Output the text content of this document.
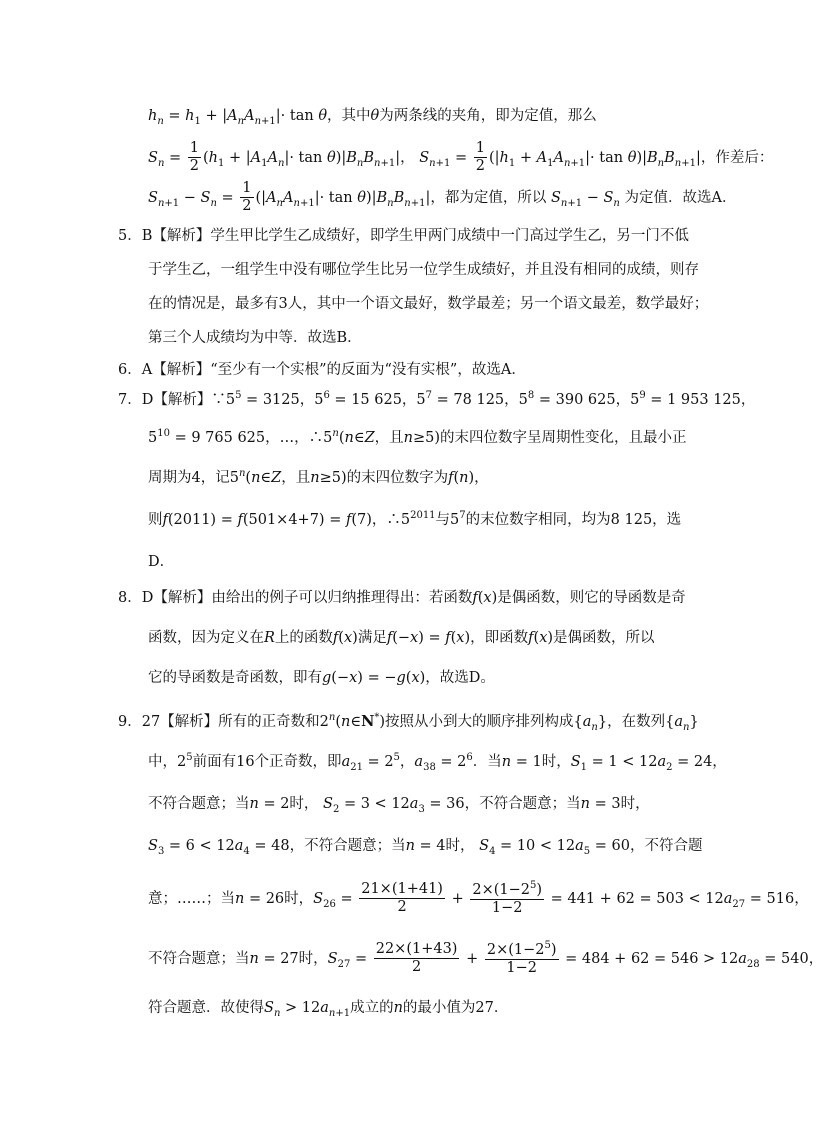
$h_n = h_1 + |A_nA_{n+1}|\cdot \tan \theta$，其中θ为两条线的夹角，即为定值，那么
$S_n = \frac{1}{2} (h_1 + |A_1A_n|\cdot \tan \theta)|B_nB_{n+1}|$， $S_{n+1} = \frac{1}{2} (|h_1 + A_1A_{n+1}|\cdot \tan \theta)|B_nB_{n+1}|$，作差后：
$S_{n+1} - S_n = \frac{1}{2} (|A_nA_{n+1}|\cdot \tan \theta)|B_nB_{n+1}|$，都为定值，所以 $S_{n+1} - S_n$ 为定值．故选A．
5．B【解析】学生甲比学生乙成绩好，即学生甲两门成绩中一门高过学生乙，另一门不低
于学生乙，一组学生中没有哪位学生比另一位学生成绩好，并且没有相同的成绩，则存
在的情况是，最多有3人，其中一个语文最好，数学最差；另一个语文最差，数学最好；
第三个人成绩均为中等．故选B．
6．A【解析】“至少有一个实根”的反面为“没有实根”，故选A．
7．D【解析】$\because 5^5 = 3125$，$5^6 = 15$ 625，$5^7 = 78$ 125，$5^8 = 390$ 625，$5^9 = 1$ 953 125，
$5^{10} = 9$ 765 625，…，∴5$^n$(n∈Z，且n≥5)的末四位数字呈周期性变化，且最小正
周期为4，记5$^n$(n∈Z，且n≥5)的末四位数字为f(n)，
则f(2011) = f(501×4+7) = f(7)，$\therefore 5^{2011}$与$5^7$的末位数字相同，均为8 125，选
D．
8．D【解析】由给出的例子可以归纳推理得出：若函数f(x)是偶函数，则它的导函数是奇
函数，因为定义在R上的函数f(x)满足f(−x) = f(x)，即函数f(x)是偶函数，所以
它的导函数是奇函数，即有g(−x) = −g(x)，故选D。
9．27【解析】所有的正奇数和2$^n$(n∈N*)按照从小到大的顺序排列构成$\{a_n\}$，在数列$\{a_n\}$
中，$2^5$前面有16个正奇数，即$a_{21} = 2^5$，$a_{38} = 2^6$．当n = 1时，$S_1 = 1 < 12a_2 = 24$，
不符合题意；当n = 2时， $S_2 = 3 < 12a_3 = 36$，不符合题意；当n = 3时，
$S_3 = 6 < 12a_4 = 48$，不符合题意；当n = 4时， $S_4 = 10 < 12a_5 = 60$，不符合题
意；……；当n = 26时，$S_{26} = \frac{21\times(1+41)}{2} + \frac{2\times(1-2^5)}{1-2} = 441 + 62 = 503 < 12a_{27} = 516$，
不符合题意；当n = 27时，$S_{27} = \frac{22\times(1+43)}{2} + \frac{2\times(1-2^5)}{1-2} = 484 + 62 = 546 > 12a_{28} = 540$，
符合题意．故使得$S_n > 12a_{n+1}$成立的n的最小值为27．
